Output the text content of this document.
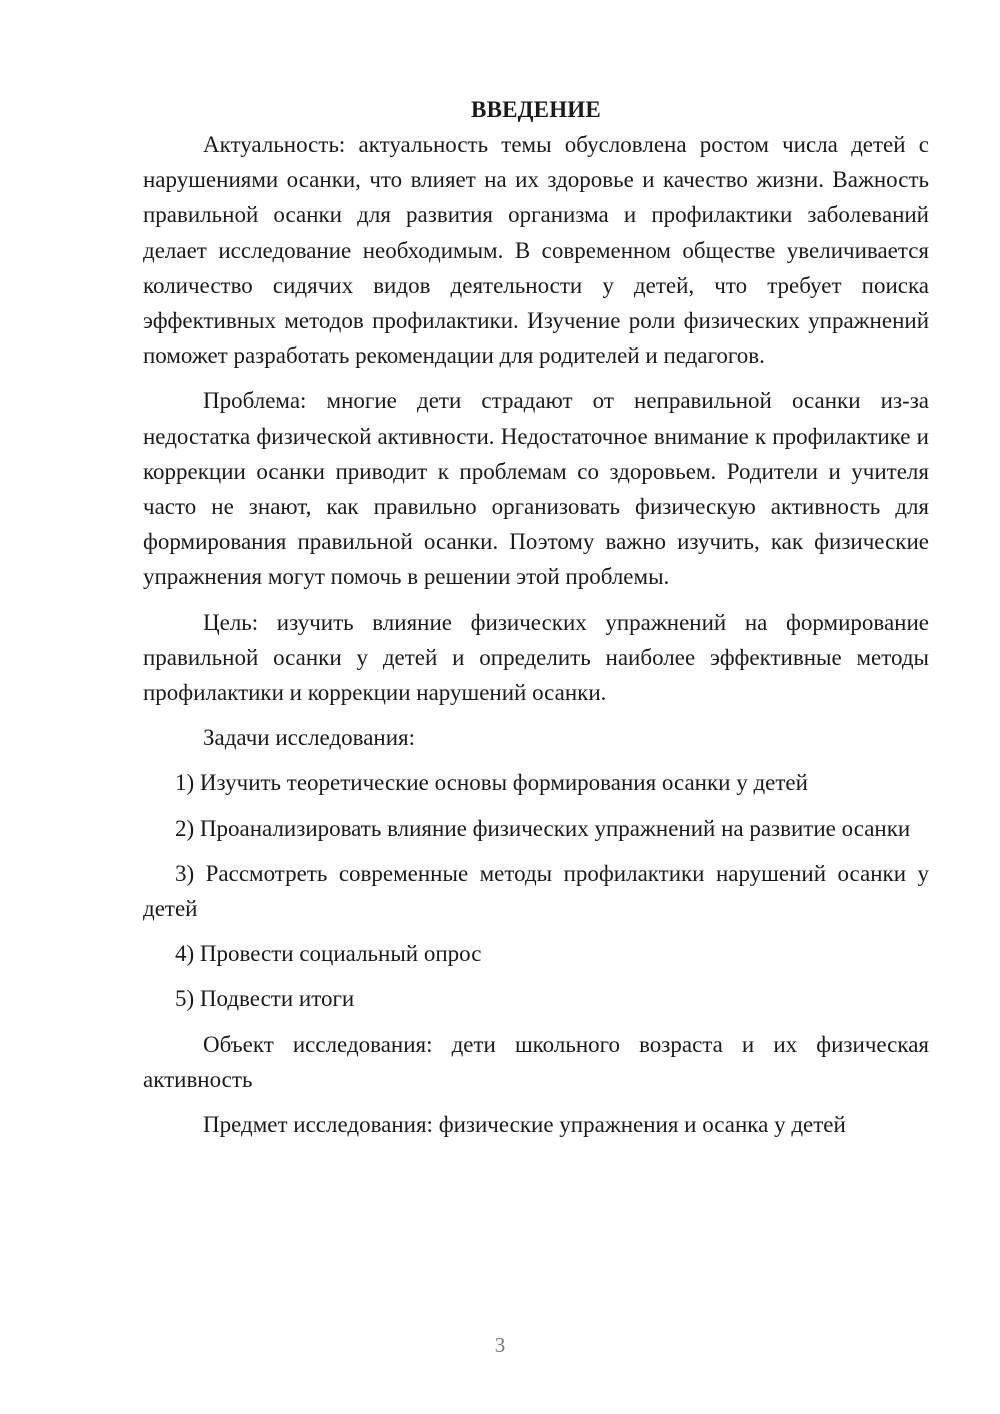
ВВЕДЕНИЕ

Актуальность: актуальность темы обусловлена ростом числа детей с нарушениями осанки, что влияет на их здоровье и качество жизни. Важность правильной осанки для развития организма и профилактики заболеваний делает исследование необходимым. В современном обществе увеличивается количество сидячих видов деятельности у детей, что требует поиска эффективных методов профилактики. Изучение роли физических упражнений поможет разработать рекомендации для родителей и педагогов.

Проблема: многие дети страдают от неправильной осанки из-за недостатка физической активности. Недостаточное внимание к профилактике и коррекции осанки приводит к проблемам со здоровьем. Родители и учителя часто не знают, как правильно организовать физическую активность для формирования правильной осанки. Поэтому важно изучить, как физические упражнения могут помочь в решении этой проблемы.

Цель: изучить влияние физических упражнений на формирование правильной осанки у детей и определить наиболее эффективные методы профилактики и коррекции нарушений осанки.

Задачи исследования:

1) Изучить теоретические основы формирования осанки у детей

2) Проанализировать влияние физических упражнений на развитие осанки

3) Рассмотреть современные методы профилактики нарушений осанки у детей

4) Провести социальный опрос

5) Подвести итоги

Объект исследования: дети школьного возраста и их физическая активность

Предмет исследования: физические упражнения и осанка у детей

3
